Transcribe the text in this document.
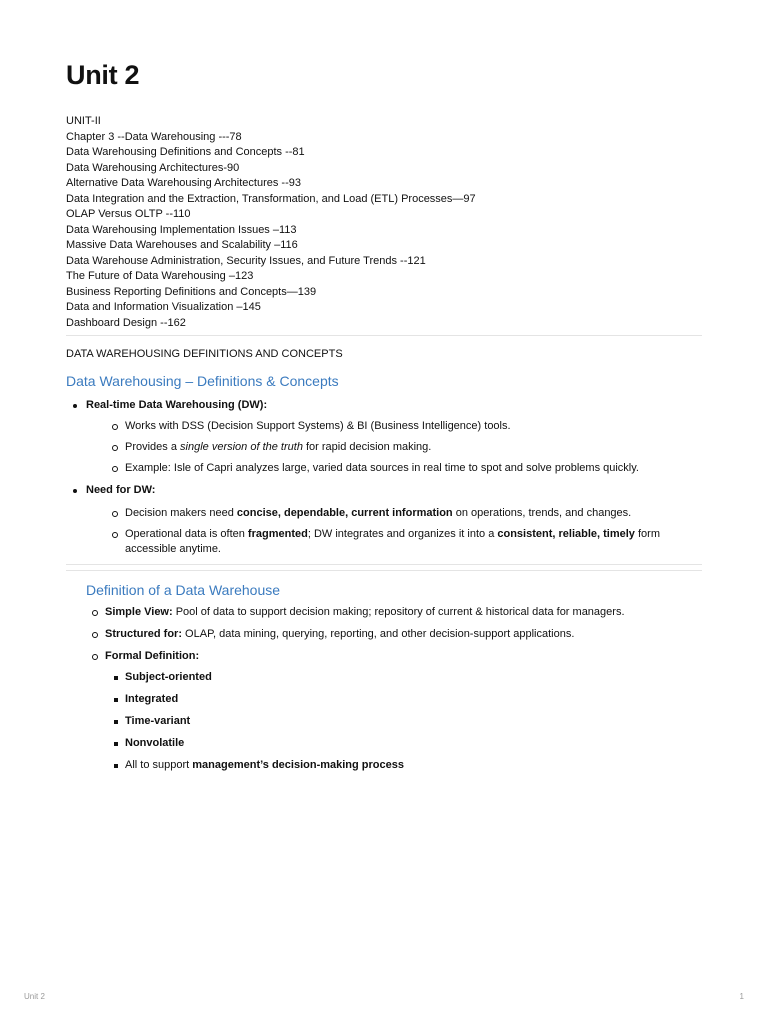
Unit 2
UNIT-II
Chapter 3 --Data Warehousing ---78
Data Warehousing Definitions and Concepts --81
Data Warehousing Architectures-90
Alternative Data Warehousing Architectures --93
Data Integration and the Extraction, Transformation, and Load (ETL) Processes—97
OLAP Versus OLTP --110
Data Warehousing Implementation Issues –113
Massive Data Warehouses and Scalability –116
Data Warehouse Administration, Security Issues, and Future Trends --121
The Future of Data Warehousing –123
Business Reporting Definitions and Concepts—139
Data and Information Visualization –145
Dashboard Design --162
DATA WAREHOUSING DEFINITIONS AND CONCEPTS
Data Warehousing – Definitions & Concepts
Real-time Data Warehousing (DW):
Works with DSS (Decision Support Systems) & BI (Business Intelligence) tools.
Provides a single version of the truth for rapid decision making.
Example: Isle of Capri analyzes large, varied data sources in real time to spot and solve problems quickly.
Need for DW:
Decision makers need concise, dependable, current information on operations, trends, and changes.
Operational data is often fragmented; DW integrates and organizes it into a consistent, reliable, timely form accessible anytime.
Definition of a Data Warehouse
Simple View: Pool of data to support decision making; repository of current & historical data for managers.
Structured for: OLAP, data mining, querying, reporting, and other decision-support applications.
Formal Definition:
Subject-oriented
Integrated
Time-variant
Nonvolatile
All to support management’s decision-making process
Unit 2	1
